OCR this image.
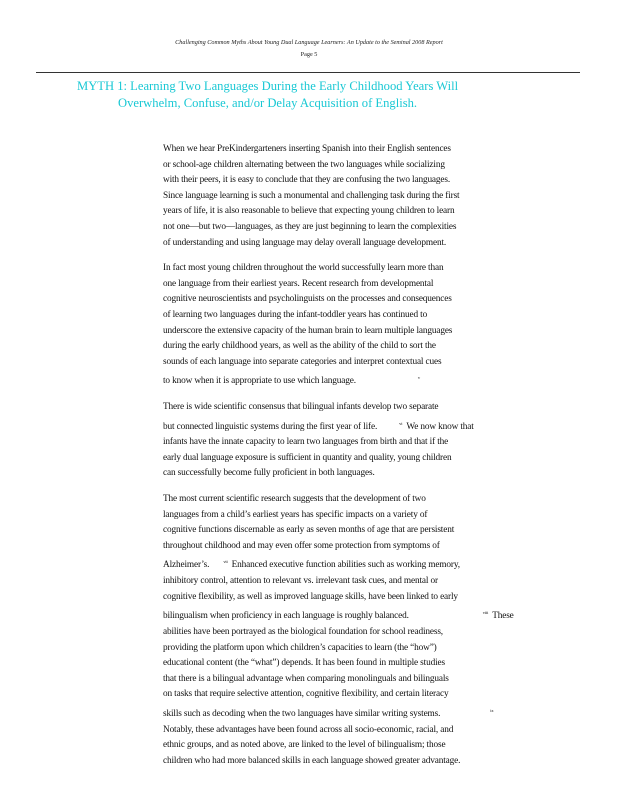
Challenging Common Myths About Young Dual Language Learners: An Update to the Seminal 2008 Report
Page 5
MYTH 1: Learning Two Languages During the Early Childhood Years Will
Overwhelm, Confuse, and/or Delay Acquisition of English.

When we hear PreKindergarteners inserting Spanish into their English sentences
or school-age children alternating between the two languages while socializing
with their peers, it is easy to conclude that they are confusing the two languages.
Since language learning is such a monumental and challenging task during the first
years of life, it is also reasonable to believe that expecting young children to learn
not one—but two—languages, as they are just beginning to learn the complexities
of understanding and using language may delay overall language development.

In fact most young children throughout the world successfully learn more than
one language from their earliest years. Recent research from developmental
cognitive neuroscientists and psycholinguists on the processes and consequences
of learning two languages during the infant-toddler years has continued to
underscore the extensive capacity of the human brain to learn multiple languages
during the early childhood years, as well as the ability of the child to sort the
sounds of each language into separate categories and interpret contextual cues
to know when it is appropriate to use which language.	$^v$

There is wide scientific consensus that bilingual infants develop two separate
but connected linguistic systems during the first year of life.	$^{vi}$ We now know that
infants have the innate capacity to learn two languages from birth and that if the
early dual language exposure is sufficient in quantity and quality, young children
can successfully become fully proficient in both languages.

The most current scientific research suggests that the development of two
languages from a child’s earliest years has specific impacts on a variety of
cognitive functions discernable as early as seven months of age that are persistent
throughout childhood and may even offer some protection from symptoms of
Alzheimer’s.	$^{vii}$ Enhanced executive function abilities such as working memory,
inhibitory control, attention to relevant vs. irrelevant task cues, and mental or
cognitive flexibility, as well as improved language skills, have been linked to early
bilingualism when proficiency in each language is roughly balanced.	$^{viii}$ These
abilities have been portrayed as the biological foundation for school readiness,
providing the platform upon which children’s capacities to learn (the “how”)
educational content (the “what”) depends. It has been found in multiple studies
that there is a bilingual advantage when comparing monolinguals and bilinguals
on tasks that require selective attention, cognitive flexibility, and certain literacy
skills such as decoding when the two languages have similar writing systems.	$^{ix}$
Notably, these advantages have been found across all socio-economic, racial, and
ethnic groups, and as noted above, are linked to the level of bilingualism; those
children who had more balanced skills in each language showed greater advantage.
